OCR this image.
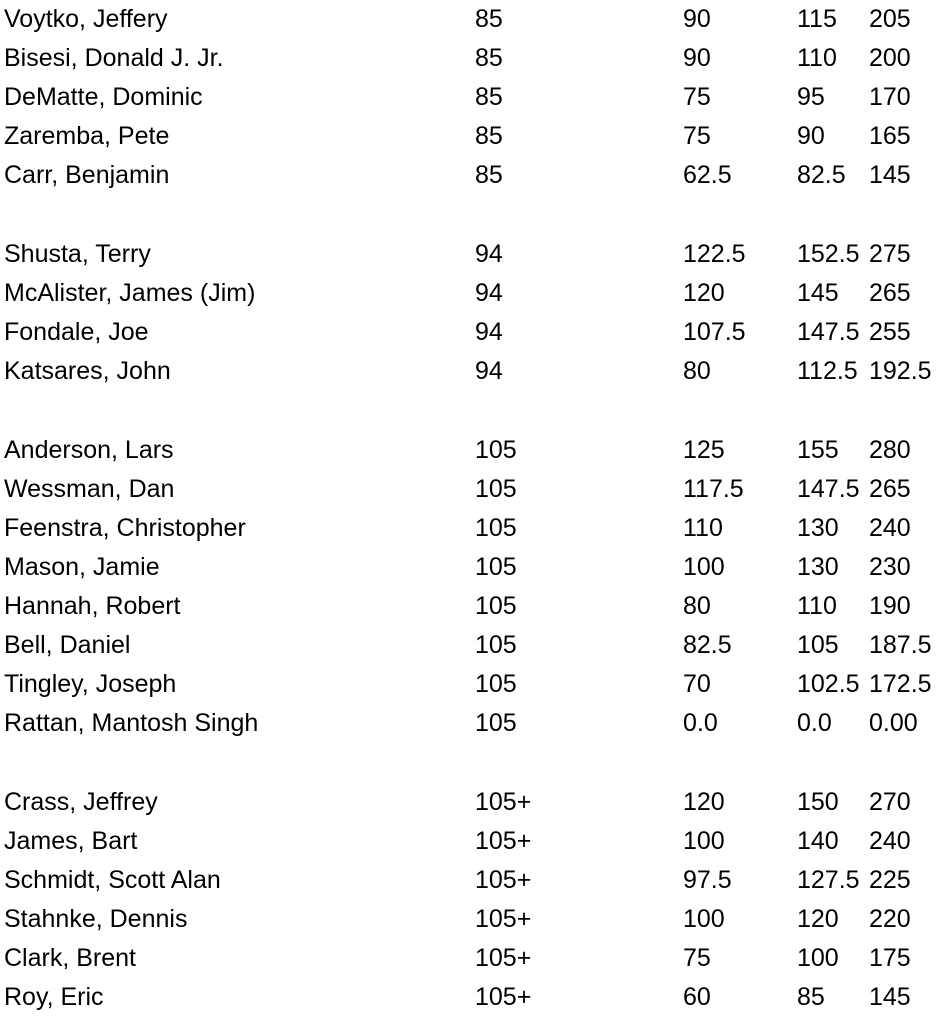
Voytko, Jeffery	85	90	115 205
Bisesi, Donald J. Jr.	85	90	110 200
DeMatte, Dominic	85	75	95 170
Zaremba, Pete	85	75	90 165
Carr, Benjamin	85	62.5	82.5 145
Shusta, Terry	94	122.5 152.5 275
McAlister, James (Jim)	94	120	145 265
Fondale, Joe	94	107.5 147.5 255
Katsares, John	94	80	112.5 192.5
Anderson, Lars	105	125	155 280
Wessman, Dan	105	117.5 147.5 265
Feenstra, Christopher	105	110	130 240
Mason, Jamie	105	100	130 230
Hannah, Robert	105	80	110 190
Bell, Daniel	105	82.5	105 187.5
Tingley, Joseph	105	70	102.5 172.5
Rattan, Mantosh Singh	105	0.0	0.0 0.00
Crass, Jeffrey	105+	120	150 270
James, Bart	105+	100	140 240
Schmidt, Scott Alan	105+	97.5	127.5 225
Stahnke, Dennis	105+	100	120 220
Clark, Brent	105+	75	100 175
Roy, Eric	105+	60	85 145
